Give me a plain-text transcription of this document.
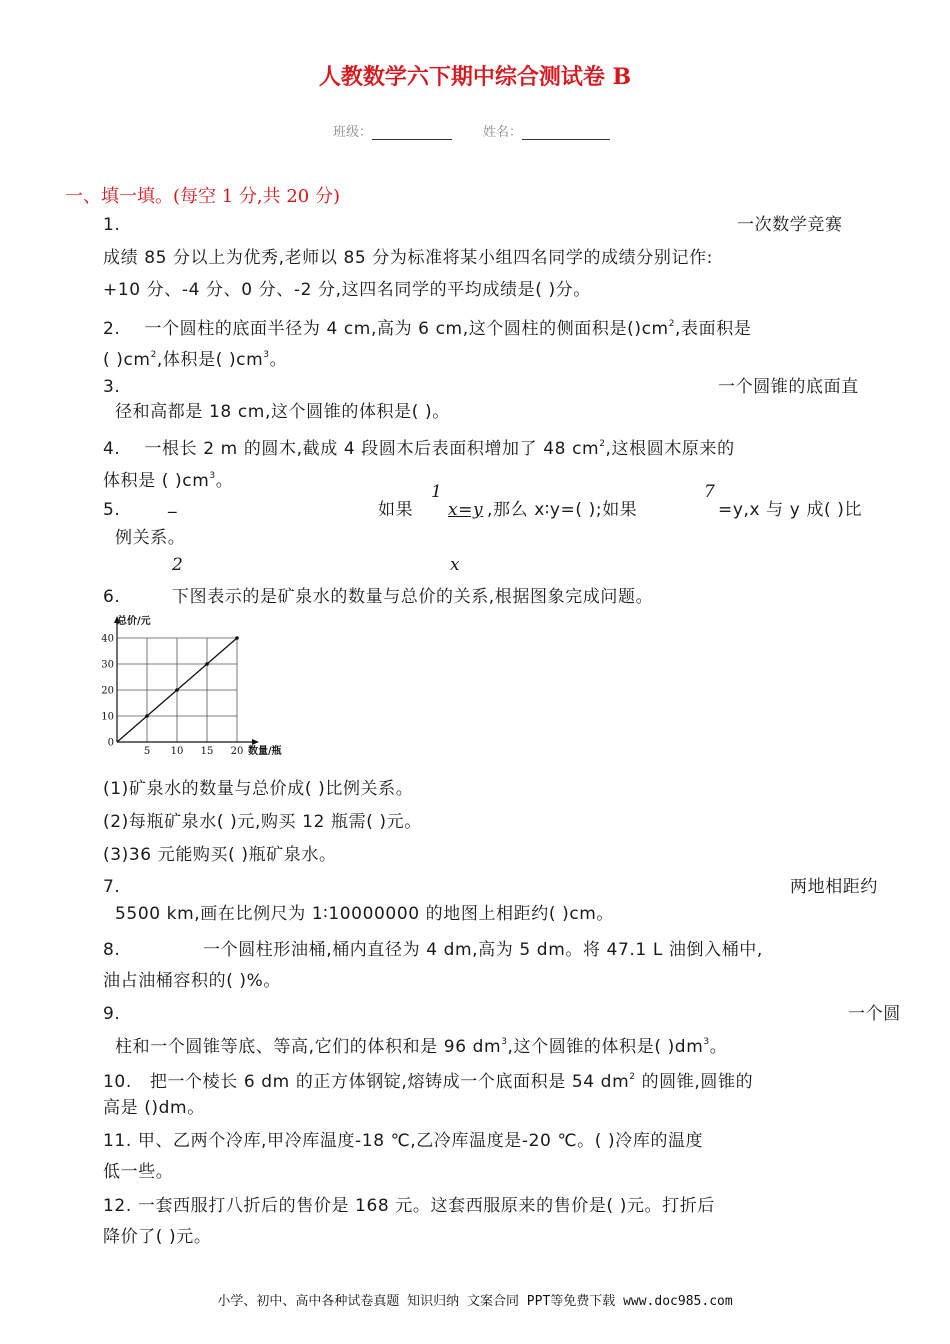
人教数学六下期中综合测试卷 B
班级：	姓名：
一、填一填。(每空 1 分,共 20 分)
1.	一次数学竞赛
成绩 85 分以上为优秀,老师以 85 分为标准将某小组四名同学的成绩分别记作:
+10 分、-4 分、0 分、-2 分,这四名同学的平均成绩是( )分。
2. 一个圆柱的底面半径为 4 cm,高为 6 cm,这个圆柱的侧面积是$()cm^2$,表面积是
( )$cm^2$,体积是( )$cm^3$。
3.	一个圆锥的底面直
径和高都是 18 cm,这个圆锥的体积是( )。
4. 一根长 2 m 的圆木,截成 4 段圆木后表面积增加了 48 $cm^2$,这根圆木原来的
体积是 ( )$cm^3$。
5.	_	如果
1
x=y ,那么 x∶y=( );如果
7
=y,x 与 y 成( )比
例关系。
2	x
6.	下图表示的是矿泉水的数量与总价的关系,根据图象完成问题。
0
10
20
30
40
5 10 15 20
总价/元
数量/瓶
(1)矿泉水的数量与总价成( )比例关系。
(2)每瓶矿泉水( )元,购买 12 瓶需( )元。
(3)36 元能购买( )瓶矿泉水。
7.	两地相距约
5500 km,画在比例尺为 1∶10000000 的地图上相距约( )cm。
8.	一个圆柱形油桶,桶内直径为 4 dm,高为 5 dm。将 47.1 L 油倒入桶中,
油占油桶容积的( )%。
9.	一个圆
柱和一个圆锥等底、等高,它们的体积和是 96 $dm^3$,这个圆锥的体积是( )$dm^3$。
10. 把一个棱长 6 dm 的正方体钢锭,熔铸成一个底面积是 54 $dm^2$ 的圆锥,圆锥的
高是 ()dm。
11. 甲、乙两个冷库,甲冷库温度-18 ℃,乙冷库温度是-20 ℃。( )冷库的温度
低一些。
12. 一套西服打八折后的售价是 168 元。这套西服原来的售价是( )元。打折后
降价了( )元。
小学、初中、高中各种试卷真题 知识归纳 文案合同 PPT等免费下载 www.doc985.com
